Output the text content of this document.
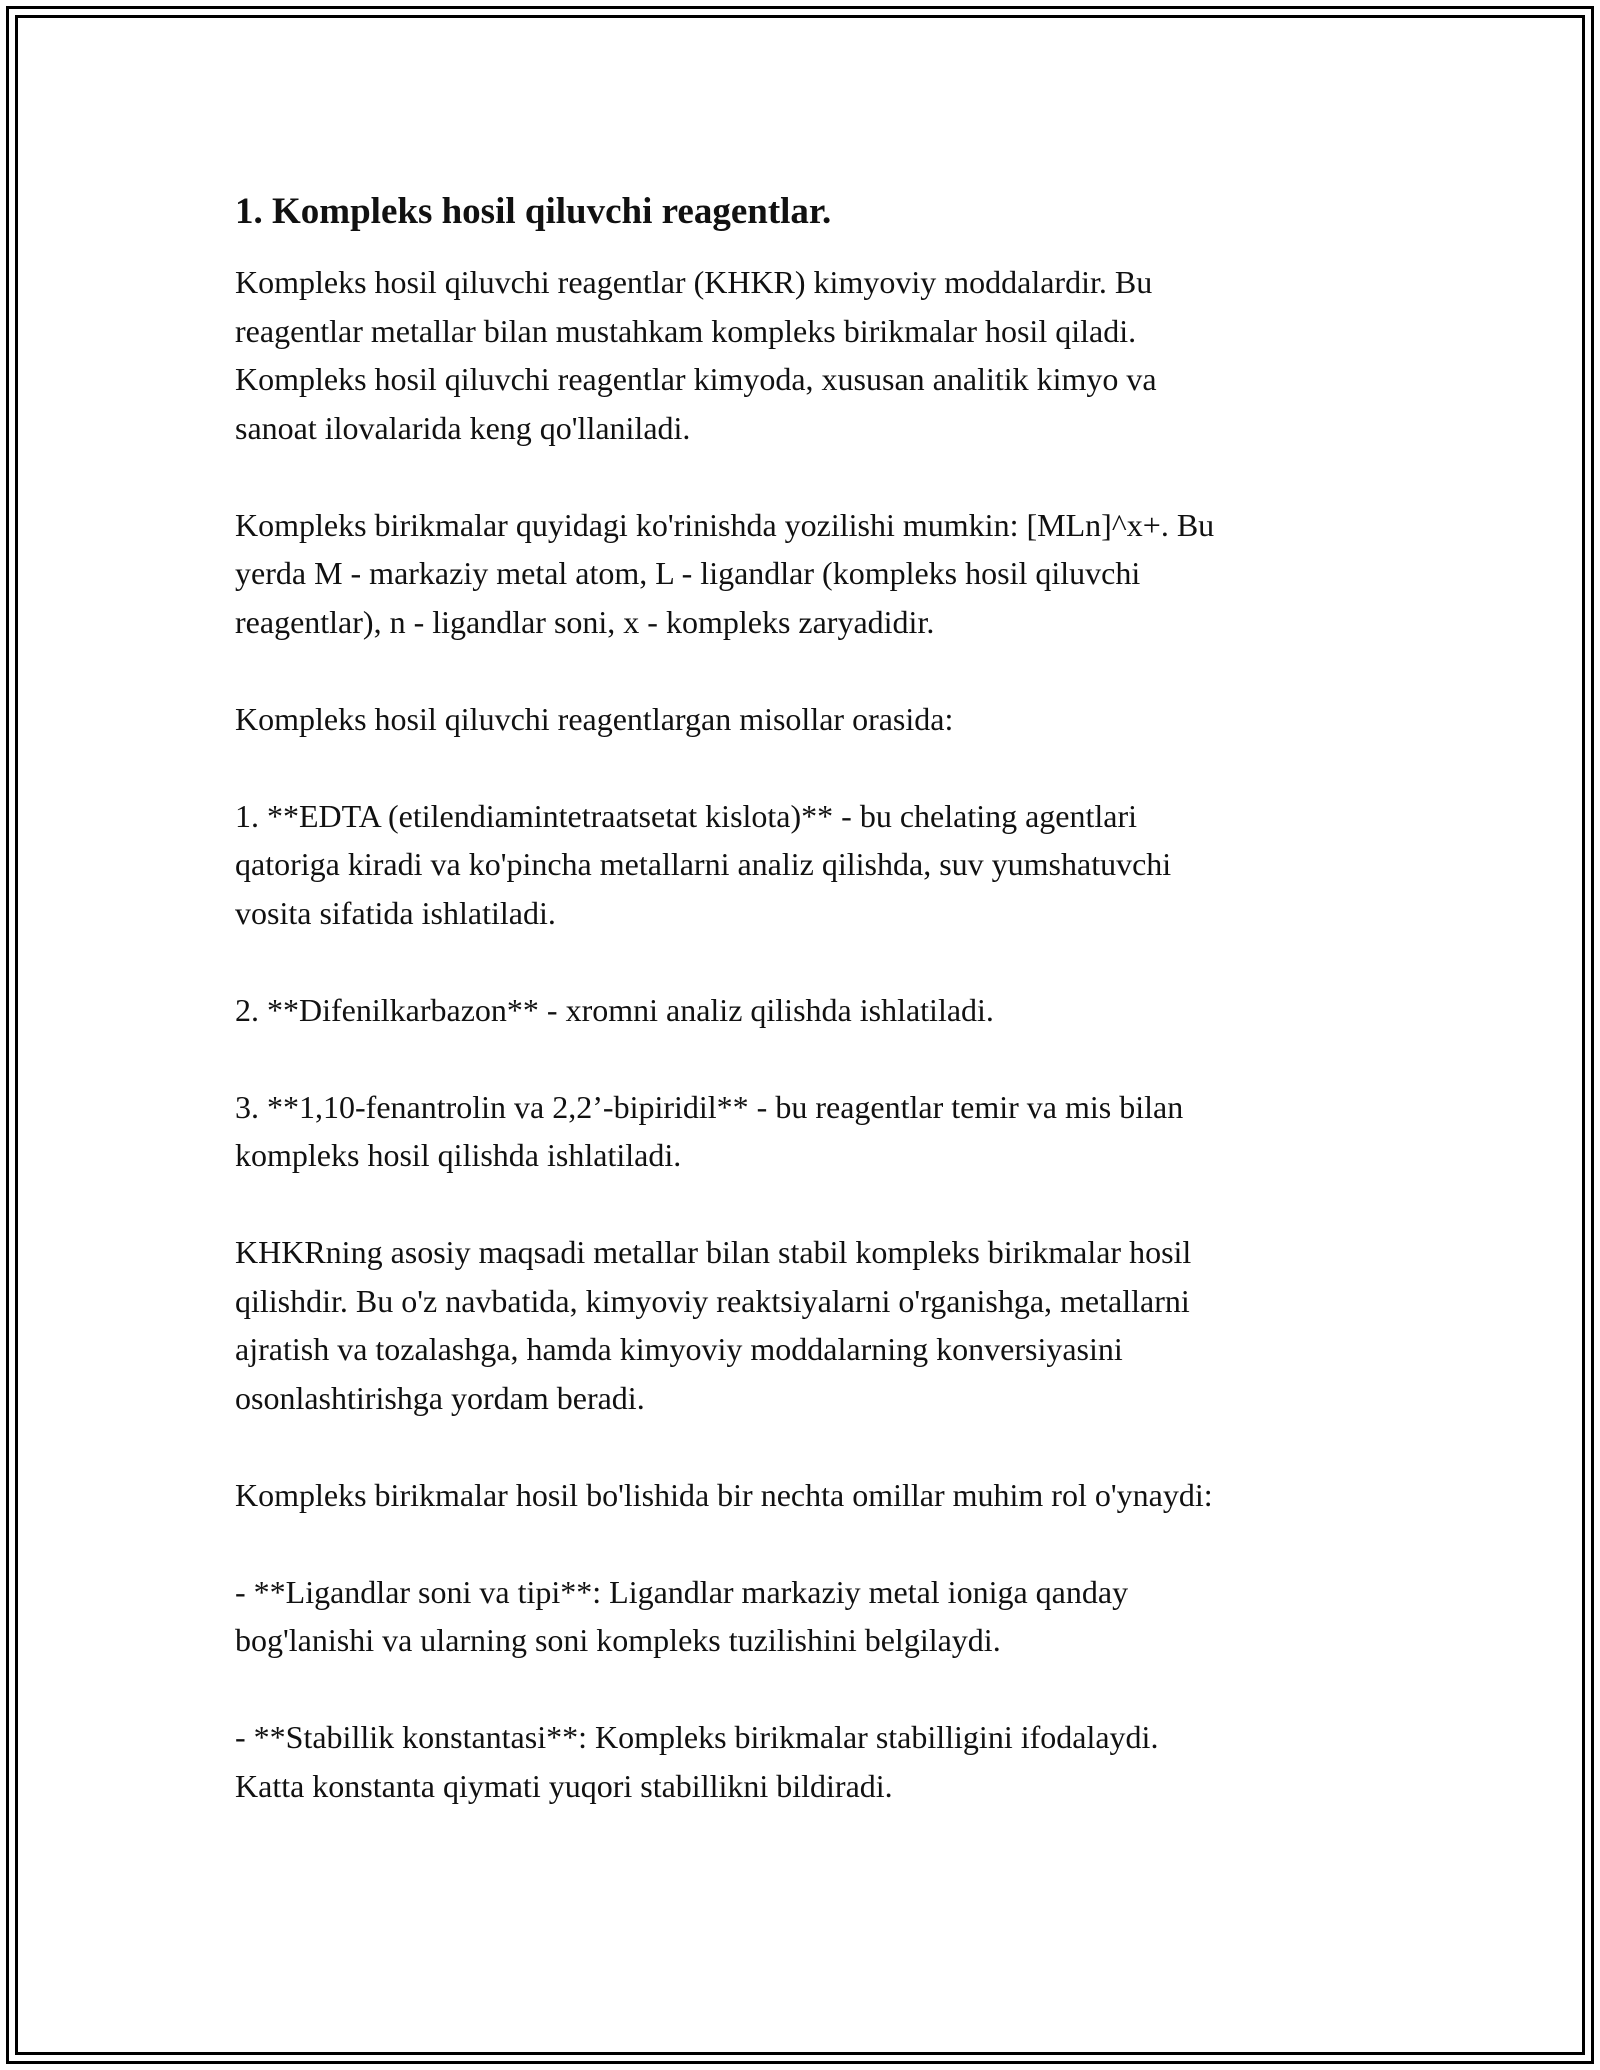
1. Kompleks hosil qiluvchi reagentlar.

Kompleks hosil qiluvchi reagentlar (KHKR) kimyoviy moddalardir. Bu
reagentlar metallar bilan mustahkam kompleks birikmalar hosil qiladi.
Kompleks hosil qiluvchi reagentlar kimyoda, xususan analitik kimyo va
sanoat ilovalarida keng qo'llaniladi.

Kompleks birikmalar quyidagi ko'rinishda yozilishi mumkin: [MLn]^x+. Bu
yerda M - markaziy metal atom, L - ligandlar (kompleks hosil qiluvchi
reagentlar), n - ligandlar soni, x - kompleks zaryadidir.

Kompleks hosil qiluvchi reagentlargan misollar orasida:

1. **EDTA (etilendiamintetraatsetat kislota)** - bu chelating agentlari
qatoriga kiradi va ko'pincha metallarni analiz qilishda, suv yumshatuvchi
vosita sifatida ishlatiladi.

2. **Difenilkarbazon** - xromni analiz qilishda ishlatiladi.

3. **1,10-fenantrolin va 2,2’-bipiridil** - bu reagentlar temir va mis bilan
kompleks hosil qilishda ishlatiladi.

KHKRning asosiy maqsadi metallar bilan stabil kompleks birikmalar hosil
qilishdir. Bu o'z navbatida, kimyoviy reaktsiyalarni o'rganishga, metallarni
ajratish va tozalashga, hamda kimyoviy moddalarning konversiyasini
osonlashtirishga yordam beradi.

Kompleks birikmalar hosil bo'lishida bir nechta omillar muhim rol o'ynaydi:

- **Ligandlar soni va tipi**: Ligandlar markaziy metal ioniga qanday
bog'lanishi va ularning soni kompleks tuzilishini belgilaydi.

- **Stabillik konstantasi**: Kompleks birikmalar stabilligini ifodalaydi.
Katta konstanta qiymati yuqori stabillikni bildiradi.
